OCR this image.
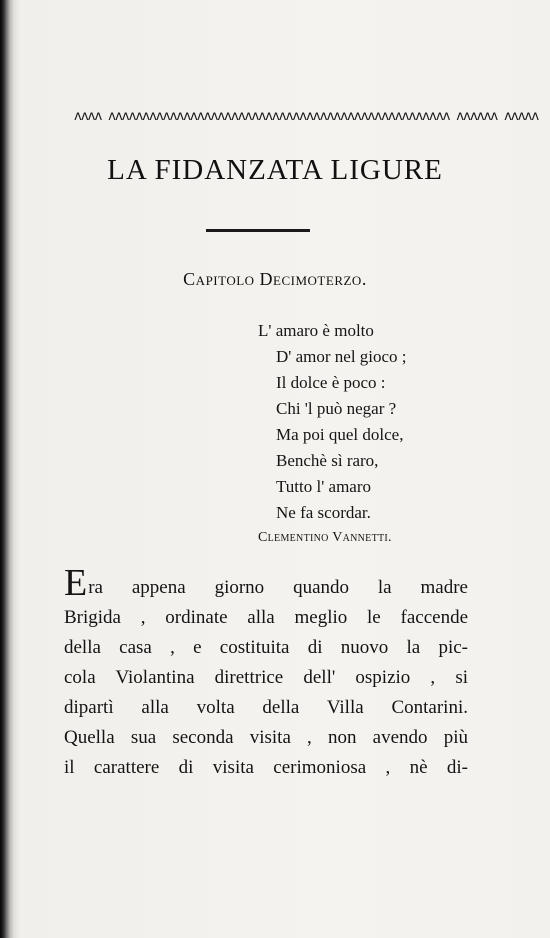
ʌʌʌʌ ʌʌʌʌʌʌʌʌʌʌʌʌʌʌʌʌʌʌʌʌʌʌʌʌʌʌʌʌʌʌʌʌʌʌʌʌʌʌʌʌʌʌʌʌʌʌʌʌʌʌ ʌʌʌʌʌʌ ʌʌʌʌʌ
LA FIDANZATA LIGURE
Capitolo Decimoterzo.
L' amaro è molto
D' amor nel gioco ;
Il dolce è poco :
Chi 'l può negar ?
Ma poi quel dolce,
Benchè sì raro,
Tutto l' amaro
Ne fa scordar.
Clementino Vannetti.
Era appena giorno quando la madre
Brigida , ordinate alla meglio le faccende
della casa , e costituita di nuovo la pic-
cola Violantina direttrice dell' ospizio , si
dipartì alla volta della Villa Contarini.
Quella sua seconda visita , non avendo più
il carattere di visita cerimoniosa , nè di-
